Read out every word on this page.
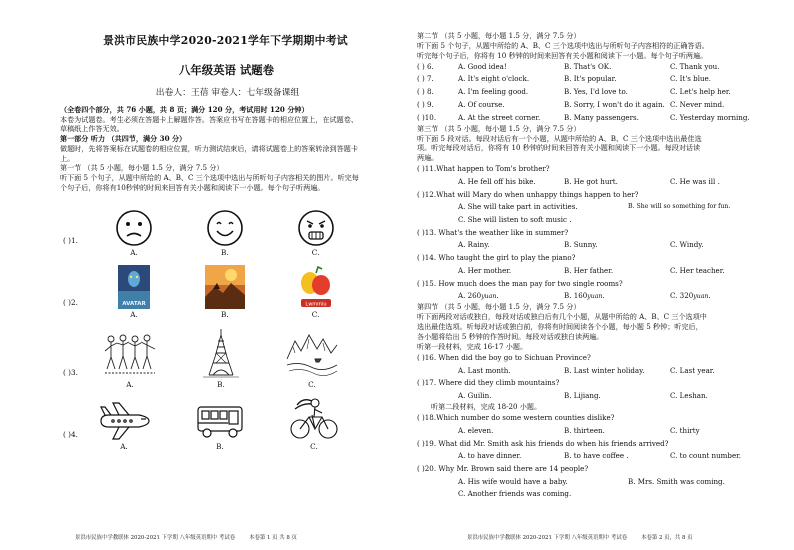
景洪市民族中学2020-2021学年下学期期中考试
八年级英语 试题卷
出卷人：王蓓 审卷人：七年级备课组
（全卷四个部分，共 76 小题，共 8 页；满分 120 分，考试用时 120 分钟）
本卷为试题卷。考生必须在答题卡上解题作答。答案应书写在答题卡的相应位置上，在试题卷、
草稿纸上作答无效。
第一部分 听力 （共四节，满分 30 分）
做题时，先将答案标在试题卷的相应位置，听力测试结束后，请将试题卷上的答案转涂到答题卡
上。
第一节 （共 5 小题，每小题 1.5 分，满分 7.5 分）
听下面 5 个句子，从题中所给的 A、B、C 三个选项中选出与所听句子内容相关的图片。听完每
个句子后，你将有10秒钟的时间来回答有关小题和阅读下一小题。每个句子听两遍。
( )1.
A.	B.	C.
( )2.	AVATAR
A.	B.
Lwmmiu
C.
( )3.
A.	B.	C.
( )4.
A.	B.	C.
景洪市民族中学教联体 2020-2021 下学期 八年级英语期中 考试卷	本卷第 1 页 共 8 页
第二节 （共 5 小题，每小题 1.5 分，满分 7.5 分）
听下面 5 个句子，从题中所给的 A、B、C 三个选项中选出与所听句子内容相符的正确答语。
听完每个句子后，你将有 10 秒钟的时间来回答有关小题和阅读下一小题。每个句子听两遍。
( ) 6.	A. Good idea!	B. That's OK.	C. Thank you.
( ) 7.	A. It's eight o'clock.	B. It's popular.	C. It's blue.
( ) 8.	A. I'm feeling good.	B. Yes, I'd love to.	C. Let's help her.
( ) 9.	A. Of course.	B. Sorry, I won't do it again. C. Never mind.
( )10.	A. At the street corner.	B. Many passengers.	C. Yesterday morning.
第三节 （共 5 小题，每小题 1.5 分，满分 7.5 分）
听下面 5 段对话。每段对话后有一个小题，从题中所给的 A、B、C 三个选项中选出最佳选
项。听完每段对话后，你将有 10 秒钟的时间来回答有关小题和阅读下一小题。每段对话读
两遍。
( )11.What happen to Tom's brother?
A. He fell off his bike.	B. He got hurt.	C. He was ill .
( )12.What will Mary do when unhappy things happen to her?
A. She will take part in activities.	B. She will so something for fun.
C. She will listen to soft music .
( )13. What's the weather like in summer?
A. Rainy.	B. Sunny.	C. Windy.
( )14. Who taught the girl to play the piano?
A. Her mother.	B. Her father.	C. Her teacher.
( )15. How much does the man pay for two single rooms?
A. 260yuan.	B. 160yuan.	C. 320yuan.
第四节 （共 5 小题，每小题 1.5 分，满分 7.5 分）
听下面两段对话或独白，每段对话或独白后有几个小题，从题中所给的 A、B、C 三个选项中
选出最佳选项。听每段对话或独白前，你将有时间阅读各个小题，每小题 5 秒钟；听完后，
各小题将给出 5 秒钟的作答时间。每段对话或独白读两遍。
听第一段材料，完成 16-17 小题。
( )16. When did the boy go to Sichuan Province?
A. Last month.	B. Last winter holiday.	C. Last year.
( )17. Where did they climb mountains?
A. Guilin.	B. Lijiang.	C. Leshan.
听第二段材料，完成 18-20 小题。
( )18.Which number do some western counties dislike?
A. eleven.	B. thirteen.	C. thirty
( )19. What did Mr. Smith ask his friends do when his friends arrived?
A. to have dinner.	B. to have coffee .	C. to count number.
( )20. Why Mr. Brown said there are 14 people?
A. His wife would have a baby.	B. Mrs. Smith was coming.
C. Another friends was coming.
景洪市民族中学教联体 2020-2021 下学期 八年级英语期中 考试卷	本卷第 2 页，共 8 页
